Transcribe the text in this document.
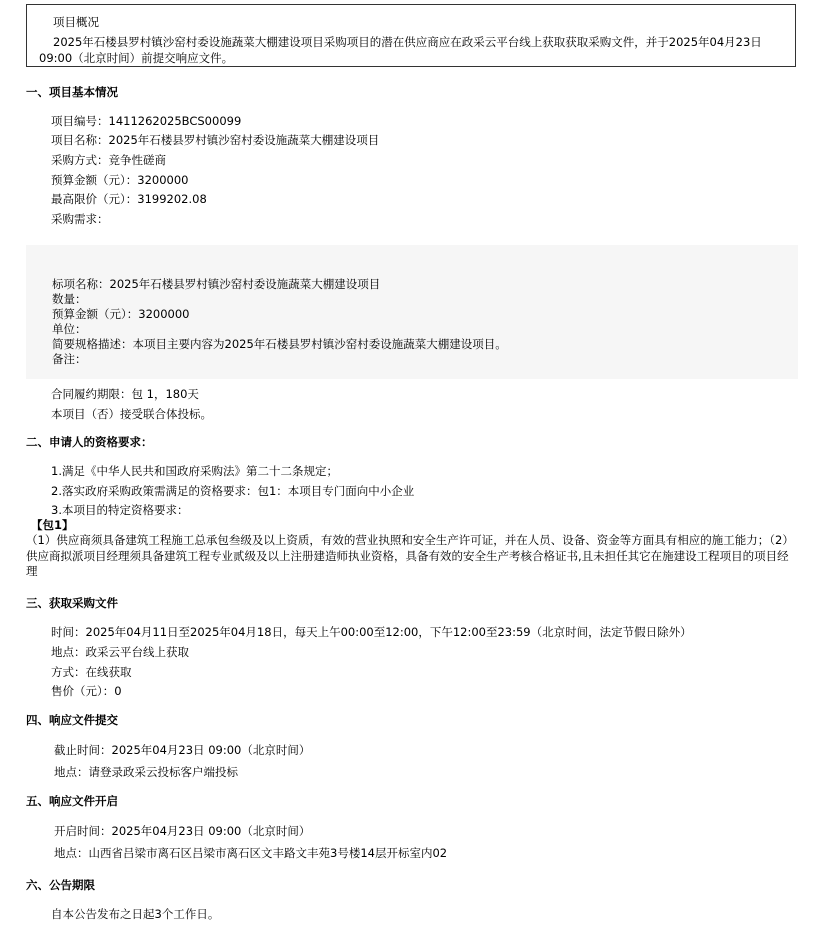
项目概况
2025年石楼县罗村镇沙窑村委设施蔬菜大棚建设项目采购项目的潜在供应商应在政采云平台线上获取获取采购文件，并于2025年04月23日 09:00（北京时间）前提交响应文件。
一、项目基本情况
项目编号：1411262025BCS00099
项目名称：2025年石楼县罗村镇沙窑村委设施蔬菜大棚建设项目
采购方式：竞争性磋商
预算金额（元）：3200000
最高限价（元）：3199202.08
采购需求：
标项名称：2025年石楼县罗村镇沙窑村委设施蔬菜大棚建设项目
数量：
预算金额（元）：3200000
单位：
简要规格描述：本项目主要内容为2025年石楼县罗村镇沙窑村委设施蔬菜大棚建设项目。
备注：
合同履约期限：包 1，180天
本项目（否）接受联合体投标。
二、申请人的资格要求：
1.满足《中华人民共和国政府采购法》第二十二条规定；
2.落实政府采购政策需满足的资格要求：包1：本项目专门面向中小企业
3.本项目的特定资格要求：
【包1】
（1）供应商须具备建筑工程施工总承包叁级及以上资质，有效的营业执照和安全生产许可证，并在人员、设备、资金等方面具有相应的施工能力；（2）供应商拟派项目经理须具备建筑工程专业贰级及以上注册建造师执业资格，具备有效的安全生产考核合格证书,且未担任其它在施建设工程项目的项目经理
三、获取采购文件
时间：2025年04月11日至2025年04月18日，每天上午00:00至12:00，下午12:00至23:59（北京时间，法定节假日除外）
地点：政采云平台线上获取
方式：在线获取
售价（元）：0
四、响应文件提交
截止时间：2025年04月23日 09:00（北京时间）
地点：请登录政采云投标客户端投标
五、响应文件开启
开启时间：2025年04月23日 09:00（北京时间）
地点：山西省吕梁市离石区吕梁市离石区文丰路文丰苑3号楼14层开标室内02
六、公告期限
自本公告发布之日起3个工作日。
